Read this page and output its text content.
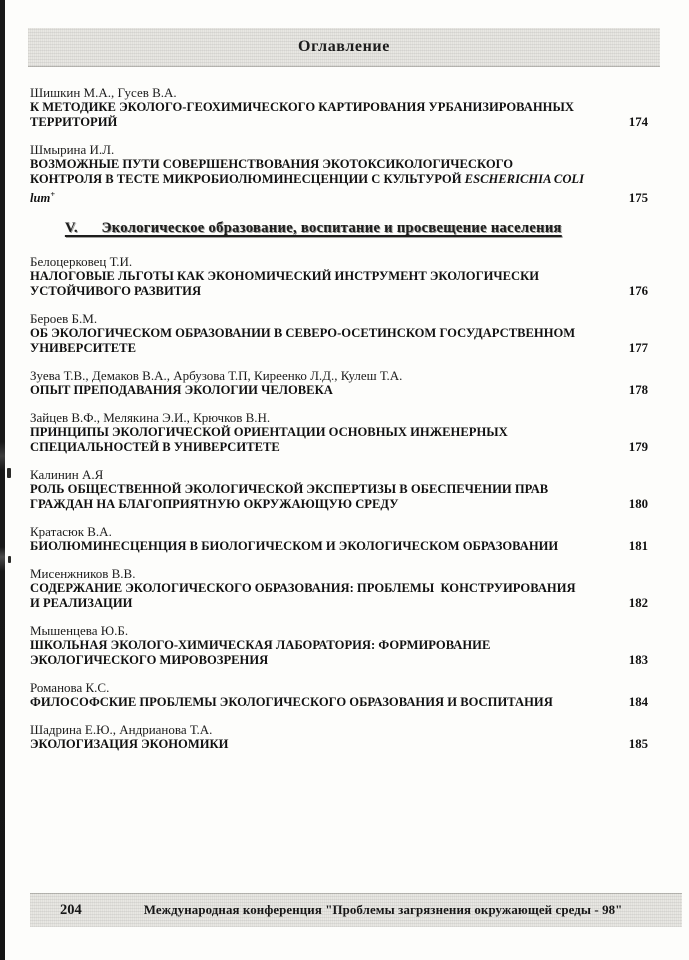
Оглавление
Шишкин М.А., Гусев В.А.
К МЕТОДИКЕ ЭКОЛОГО-ГЕОХИМИЧЕСКОГО КАРТИРОВАНИЯ УРБАНИЗИРОВАННЫХ
ТЕРРИТОРИЙ	174
Шмырина И.Л.
ВОЗМОЖНЫЕ ПУТИ СОВЕРШЕНСТВОВАНИЯ ЭКОТОКСИКОЛОГИЧЕСКОГО
КОНТРОЛЯ В ТЕСТЕ МИКРОБИОЛЮМИНЕСЦЕНЦИИ С КУЛЬТУРОЙ ESCHERICHIA COLI
lum+	175
V.      Экологическое образование, воспитание и просвещение населения
Белоцерковец Т.И.
НАЛОГОВЫЕ ЛЬГОТЫ КАК ЭКОНОМИЧЕСКИЙ ИНСТРУМЕНТ ЭКОЛОГИЧЕСКИ
УСТОЙЧИВОГО РАЗВИТИЯ	176
Бероев Б.М.
ОБ ЭКОЛОГИЧЕСКОМ ОБРАЗОВАНИИ В СЕВЕРО-ОСЕТИНСКОМ ГОСУДАРСТВЕННОМ
УНИВЕРСИТЕТЕ	177
Зуева Т.В., Демаков В.А., Арбузова Т.П, Киреенко Л.Д., Кулеш Т.А.
ОПЫТ ПРЕПОДАВАНИЯ ЭКОЛОГИИ ЧЕЛОВЕКА	178
Зайцев В.Ф., Мелякина Э.И., Крючков В.Н.
ПРИНЦИПЫ ЭКОЛОГИЧЕСКОЙ ОРИЕНТАЦИИ ОСНОВНЫХ ИНЖЕНЕРНЫХ
СПЕЦИАЛЬНОСТЕЙ В УНИВЕРСИТЕТЕ	179
Калинин А.Я
РОЛЬ ОБЩЕСТВЕННОЙ ЭКОЛОГИЧЕСКОЙ ЭКСПЕРТИЗЫ В ОБЕСПЕЧЕНИИ ПРАВ
ГРАЖДАН НА БЛАГОПРИЯТНУЮ ОКРУЖАЮЩУЮ СРЕДУ	180
Кратасюк В.А.
БИОЛЮМИНЕСЦЕНЦИЯ В БИОЛОГИЧЕСКОМ И ЭКОЛОГИЧЕСКОМ ОБРАЗОВАНИИ	181
Мисенжников В.В.
СОДЕРЖАНИЕ ЭКОЛОГИЧЕСКОГО ОБРАЗОВАНИЯ: ПРОБЛЕМЫ  КОНСТРУИРОВАНИЯ
И РЕАЛИЗАЦИИ	182
Мышенцева Ю.Б.
ШКОЛЬНАЯ ЭКОЛОГО-ХИМИЧЕСКАЯ ЛАБОРАТОРИЯ: ФОРМИРОВАНИЕ
ЭКОЛОГИЧЕСКОГО МИРОВОЗРЕНИЯ	183
Романова К.С.
ФИЛОСОФСКИЕ ПРОБЛЕМЫ ЭКОЛОГИЧЕСКОГО ОБРАЗОВАНИЯ И ВОСПИТАНИЯ	184
Шадрина Е.Ю., Андрианова Т.А.
ЭКОЛОГИЗАЦИЯ ЭКОНОМИКИ	185
204	Международная конференция "Проблемы загрязнения окружающей среды - 98"
